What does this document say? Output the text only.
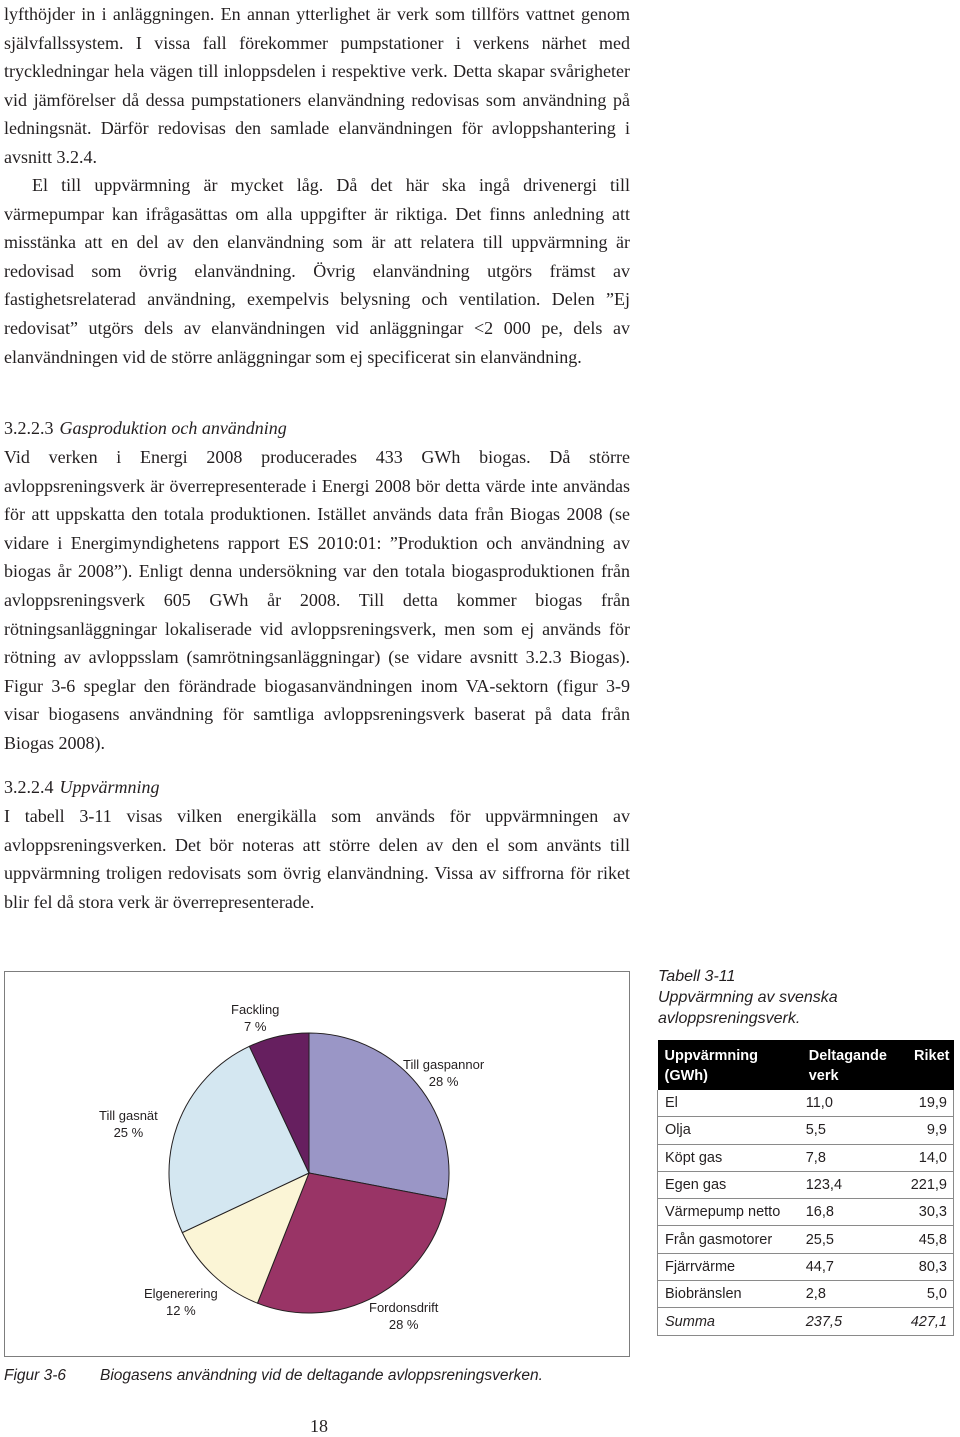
lyfthöjder in i anläggningen. En annan ytterlighet är verk som tillförs vattnet genom självfallssystem. I vissa fall förekommer pumpstationer i verkens närhet med tryckledningar hela vägen till inloppsdelen i respektive verk. Detta skapar svårigheter vid jämförelser då dessa pumpstationers elanvändning redovisas som användning på ledningsnät. Därför redovisas den samlade elanvändningen för avloppshantering i avsnitt 3.2.4.

El till uppvärmning är mycket låg. Då det här ska ingå drivenergi till värmepumpar kan ifrågasättas om alla uppgifter är riktiga. Det finns anledning att misstänka att en del av den elanvändning som är att relatera till uppvärmning är redovisad som övrig elanvändning. Övrig elanvändning utgörs främst av fastighetsrelaterad användning, exempelvis belysning och ventilation. Delen ”Ej redovisat” utgörs dels av elanvändningen vid anläggningar <2 000 pe, dels av elanvändningen vid de större anläggningar som ej specificerat sin elanvändning.

3.2.2.3 Gasproduktion och användning

Vid verken i Energi 2008 producerades 433 GWh biogas. Då större avloppsreningsverk är överrepresenterade i Energi 2008 bör detta värde inte användas för att uppskatta den totala produktionen. Istället används data från Biogas 2008 (se vidare i Energimyndighetens rapport ES 2010:01: ”Produktion och användning av biogas år 2008”). Enligt denna undersökning var den totala biogasproduktionen från avloppsreningsverk 605 GWh år 2008. Till detta kommer biogas från rötningsanläggningar lokaliserade vid avloppsreningsverk, men som ej används för rötning av avloppsslam (samrötningsanläggningar) (se vidare avsnitt 3.2.3 Biogas). Figur 3-6 speglar den förändrade biogasanvändningen inom VA-sektorn (figur 3-9 visar biogasens användning för samtliga avloppsreningsverk baserat på data från Biogas 2008).

3.2.2.4 Uppvärmning

I tabell 3-11 visas vilken energikälla som används för uppvärmningen av avloppsreningsverken. Det bör noteras att större delen av den el som använts till uppvärmning troligen redovisats som övrig elanvändning. Vissa av siffrorna för riket blir fel då stora verk är överrepresenterade.

Fackling
7 %
Till gaspannor
28 %
Till gasnät
25 %
Elgenerering
12 %	Fordonsdrift
28 %
Figur 3-6 Biogasens användning vid de deltagande avloppsreningsverken.
Tabell 3-11
Uppvärmning av svenska
avloppsreningsverk.
Uppvärmning (GWh)	Deltagande verk	Riket
El	11,0	19,9
Olja	5,5	9,9
Köpt gas	7,8	14,0
Egen gas	123,4	221,9
Värmepump netto	16,8	30,3
Från gasmotorer	25,5	45,8
Fjärrvärme	44,7	80,3
Biobränslen	2,8	5,0
Summa	237,5	427,1
18
